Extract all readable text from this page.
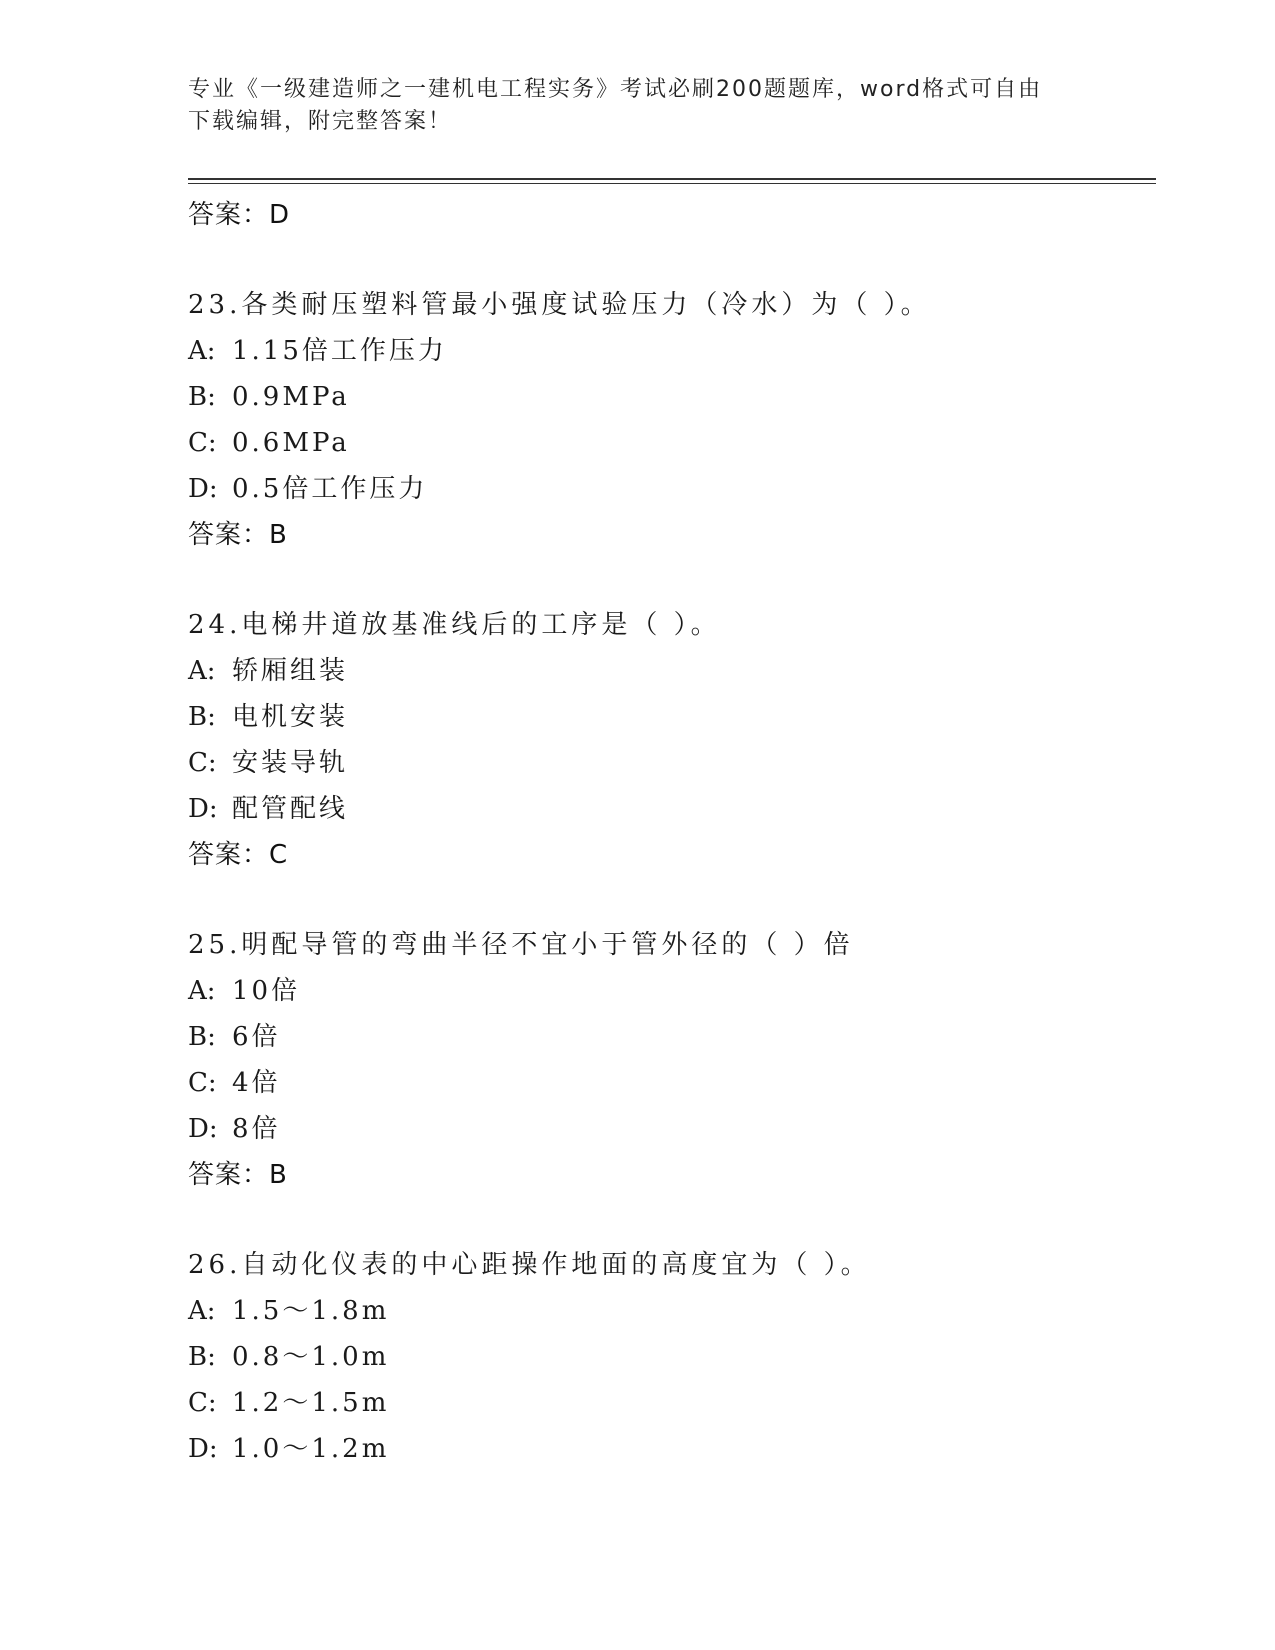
专业《一级建造师之一建机电工程实务》考试必刷200题题库，word格式可自由
下载编辑，附完整答案！
答案：D
23.各类耐压塑料管最小强度试验压力（冷水）为（ ）。
A: 1.15倍工作压力
B: 0.9MPa
C: 0.6MPa
D: 0.5倍工作压力
答案：B
24.电梯井道放基准线后的工序是（ ）。
A: 轿厢组装
B: 电机安装
C: 安装导轨
D: 配管配线
答案：C
25.明配导管的弯曲半径不宜小于管外径的（ ）倍
A: 10倍
B: 6倍
C: 4倍
D: 8倍
答案：B
26.自动化仪表的中心距操作地面的高度宜为（ ）。
A: 1.5～1.8m
B: 0.8～1.0m
C: 1.2～1.5m
D: 1.0～1.2m
